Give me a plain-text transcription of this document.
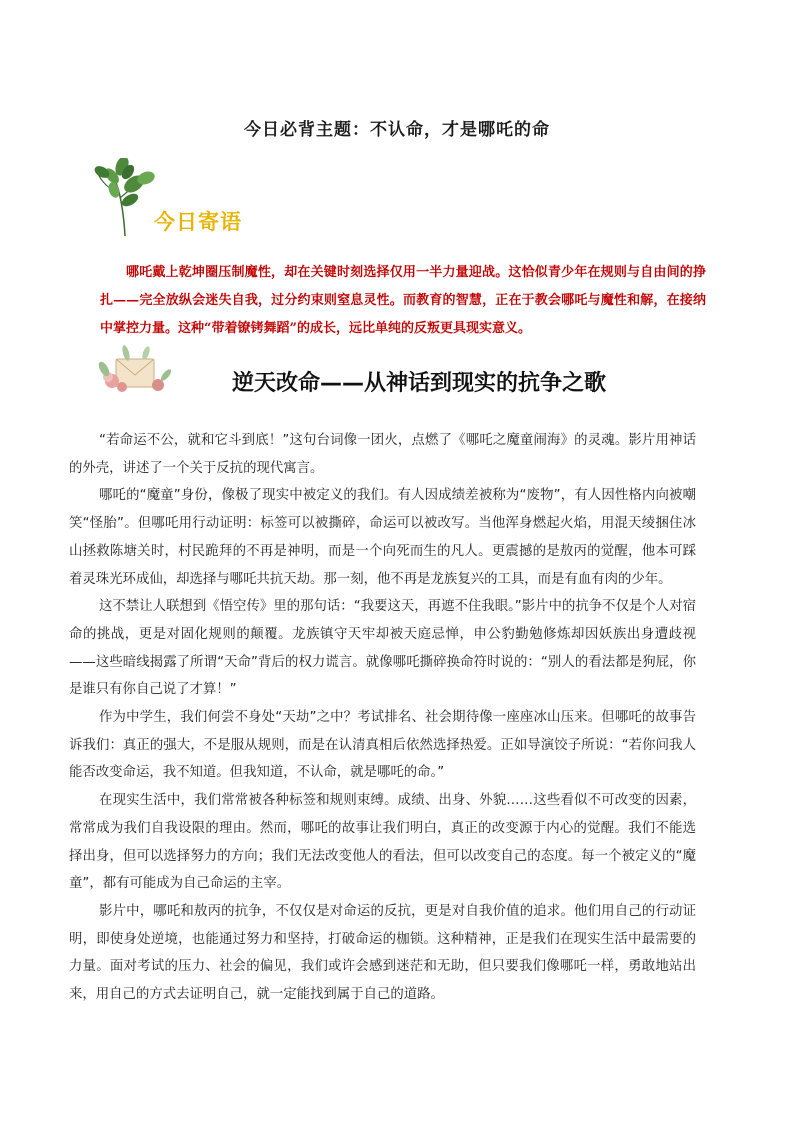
今日必背主题：不认命，才是哪吒的命
今日寄语
哪吒戴上乾坤圈压制魔性，却在关键时刻选择仅用一半力量迎战。这恰似青少年在规则与自由间的挣扎——完全放纵会迷失自我，过分约束则窒息灵性。而教育的智慧，正在于教会哪吒与魔性和解，在接纳中掌控力量。这种“带着镣铐舞蹈”的成长，远比单纯的反叛更具现实意义。
逆天改命——从神话到现实的抗争之歌

“若命运不公，就和它斗到底！”这句台词像一团火，点燃了《哪吒之魔童闹海》的灵魂。影片用神话的外壳，讲述了一个关于反抗的现代寓言。

哪吒的“魔童”身份，像极了现实中被定义的我们。有人因成绩差被称为“废物”，有人因性格内向被嘲笑“怪胎”。但哪吒用行动证明：标签可以被撕碎，命运可以被改写。当他浑身燃起火焰，用混天绫捆住冰山拯救陈塘关时，村民跪拜的不再是神明，而是一个向死而生的凡人。更震撼的是敖丙的觉醒，他本可踩着灵珠光环成仙，却选择与哪吒共抗天劫。那一刻，他不再是龙族复兴的工具，而是有血有肉的少年。

这不禁让人联想到《悟空传》里的那句话：“我要这天，再遮不住我眼。”影片中的抗争不仅是个人对宿命的挑战，更是对固化规则的颠覆。龙族镇守天牢却被天庭忌惮，申公豹勤勉修炼却因妖族出身遭歧视——这些暗线揭露了所谓“天命”背后的权力谎言。就像哪吒撕碎换命符时说的：“别人的看法都是狗屁，你是谁只有你自己说了才算！”

作为中学生，我们何尝不身处“天劫”之中？考试排名、社会期待像一座座冰山压来。但哪吒的故事告诉我们：真正的强大，不是服从规则，而是在认清真相后依然选择热爱。正如导演饺子所说：“若你问我人能否改变命运，我不知道。但我知道，不认命，就是哪吒的命。”

在现实生活中，我们常常被各种标签和规则束缚。成绩、出身、外貌……这些看似不可改变的因素，常常成为我们自我设限的理由。然而，哪吒的故事让我们明白，真正的改变源于内心的觉醒。我们不能选择出身，但可以选择努力的方向；我们无法改变他人的看法，但可以改变自己的态度。每一个被定义的“魔童”，都有可能成为自己命运的主宰。

影片中，哪吒和敖丙的抗争，不仅仅是对命运的反抗，更是对自我价值的追求。他们用自己的行动证明，即使身处逆境，也能通过努力和坚持，打破命运的枷锁。这种精神，正是我们在现实生活中最需要的力量。面对考试的压力、社会的偏见，我们或许会感到迷茫和无助，但只要我们像哪吒一样，勇敢地站出来，用自己的方式去证明自己，就一定能找到属于自己的道路。
